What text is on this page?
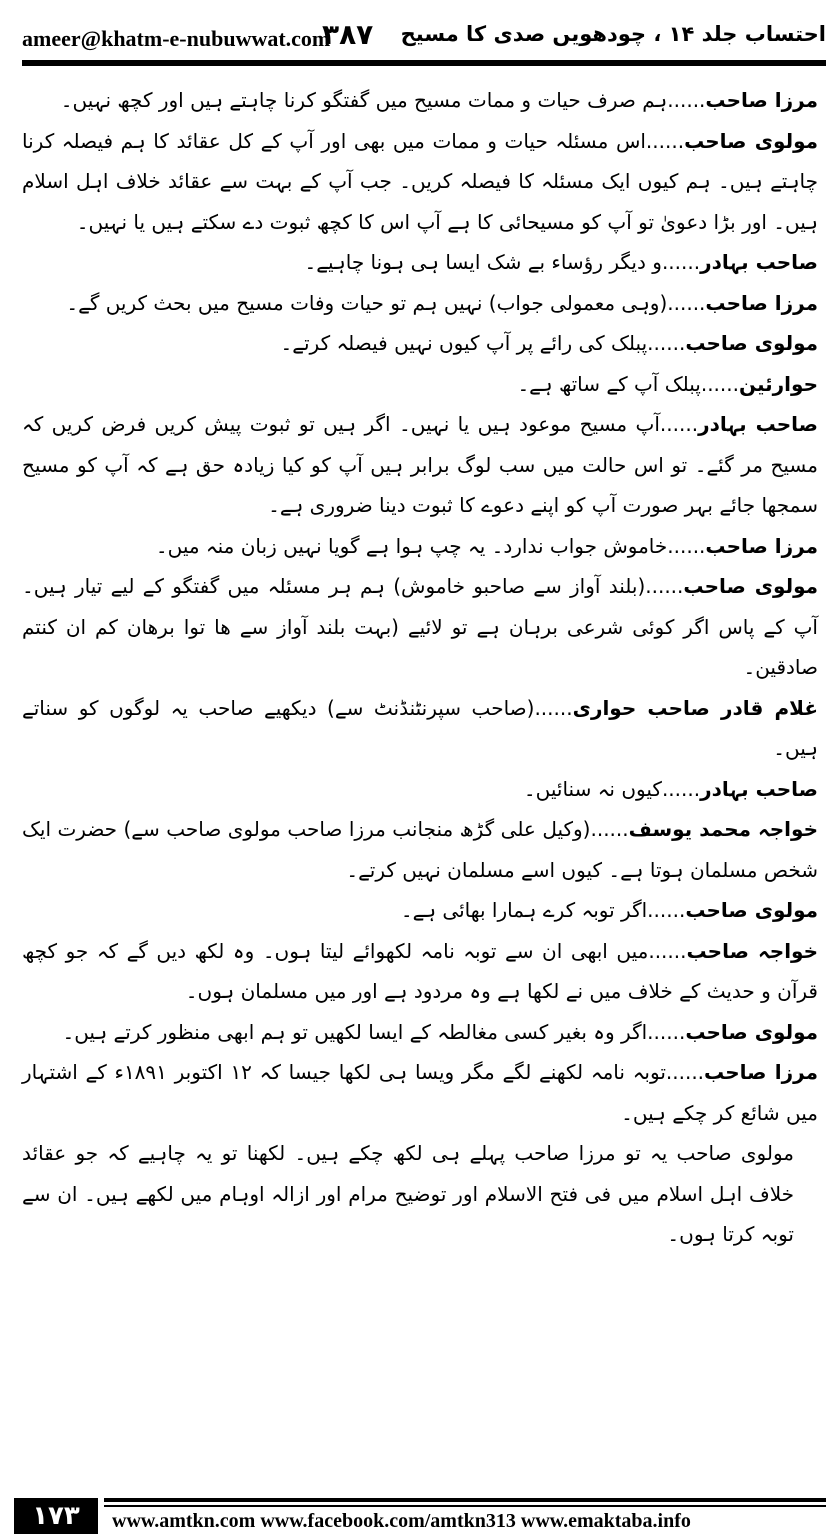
ameer@khatm-e-nubuwwat.com
۳۸۷ احتساب جلد ۱۴ ، چودھویں صدی کا مسیح

مرزا صاحب......ہم صرف حیات و ممات مسیح میں گفتگو کرنا چاہتے ہیں اور کچھ نہیں۔

مولوی صاحب......اس مسئلہ حیات و ممات میں بھی اور آپ کے کل عقائد کا ہم فیصلہ کرنا چاہتے ہیں۔ ہم کیوں ایک مسئلہ کا فیصلہ کریں۔ جب آپ کے بہت سے عقائد خلاف اہل اسلام ہیں۔ اور بڑا دعویٰ تو آپ کو مسیحائی کا ہے آپ اس کا کچھ ثبوت دے سکتے ہیں یا نہیں۔

صاحب بہادر......و دیگر رؤساء بے شک ایسا ہی ہونا چاہیے۔

مرزا صاحب......(وہی معمولی جواب) نہیں ہم تو حیات وفات مسیح میں بحث کریں گے۔

مولوی صاحب......پبلک کی رائے پر آپ کیوں نہیں فیصلہ کرتے۔

حوارئین......پبلک آپ کے ساتھ ہے۔

صاحب بہادر......آپ مسیح موعود ہیں یا نہیں۔ اگر ہیں تو ثبوت پیش کریں فرض کریں کہ مسیح مر گئے۔ تو اس حالت میں سب لوگ برابر ہیں آپ کو کیا زیادہ حق ہے کہ آپ کو مسیح سمجھا جائے بہر صورت آپ کو اپنے دعوے کا ثبوت دینا ضروری ہے۔

مرزا صاحب......خاموش جواب ندارد۔ یہ چپ ہوا ہے گویا نہیں زبان منہ میں۔

مولوی صاحب......(بلند آواز سے صاحبو خاموش) ہم ہر مسئلہ میں گفتگو کے لیے تیار ہیں۔ آپ کے پاس اگر کوئی شرعی برہان ہے تو لائیے (بہت بلند آواز سے ھا توا برھان کم ان کنتم صادقین۔

غلام قادر صاحب حواری......(صاحب سپرنٹنڈنٹ سے) دیکھیے صاحب یہ لوگوں کو سناتے ہیں۔

صاحب بہادر......کیوں نہ سنائیں۔

خواجہ محمد یوسف......(وکیل علی گڑھ منجانب مرزا صاحب مولوی صاحب سے) حضرت ایک شخص مسلمان ہوتا ہے۔ کیوں اسے مسلمان نہیں کرتے۔

مولوی صاحب......اگر توبہ کرے ہمارا بھائی ہے۔

خواجہ صاحب......میں ابھی ان سے توبہ نامہ لکھوائے لیتا ہوں۔ وہ لکھ دیں گے کہ جو کچھ قرآن و حدیث کے خلاف میں نے لکھا ہے وہ مردود ہے اور میں مسلمان ہوں۔

مولوی صاحب......اگر وہ بغیر کسی مغالطہ کے ایسا لکھیں تو ہم ابھی منظور کرتے ہیں۔

مرزا صاحب......توبہ نامہ لکھنے لگے مگر ویسا ہی لکھا جیسا کہ ۱۲ اکتوبر ۱۸۹۱ء کے اشتہار میں شائع کر چکے ہیں۔

مولوی صاحب یہ تو مرزا صاحب پہلے ہی لکھ چکے ہیں۔ لکھنا تو یہ چاہیے کہ جو عقائد خلاف اہل اسلام میں فی فتح الاسلام اور توضیح مرام اور ازالہ اوہام میں لکھے ہیں۔ ان سے توبہ کرتا ہوں۔

۱۷۳	www.amtkn.com www.facebook.com/amtkn313 www.emaktaba.info
